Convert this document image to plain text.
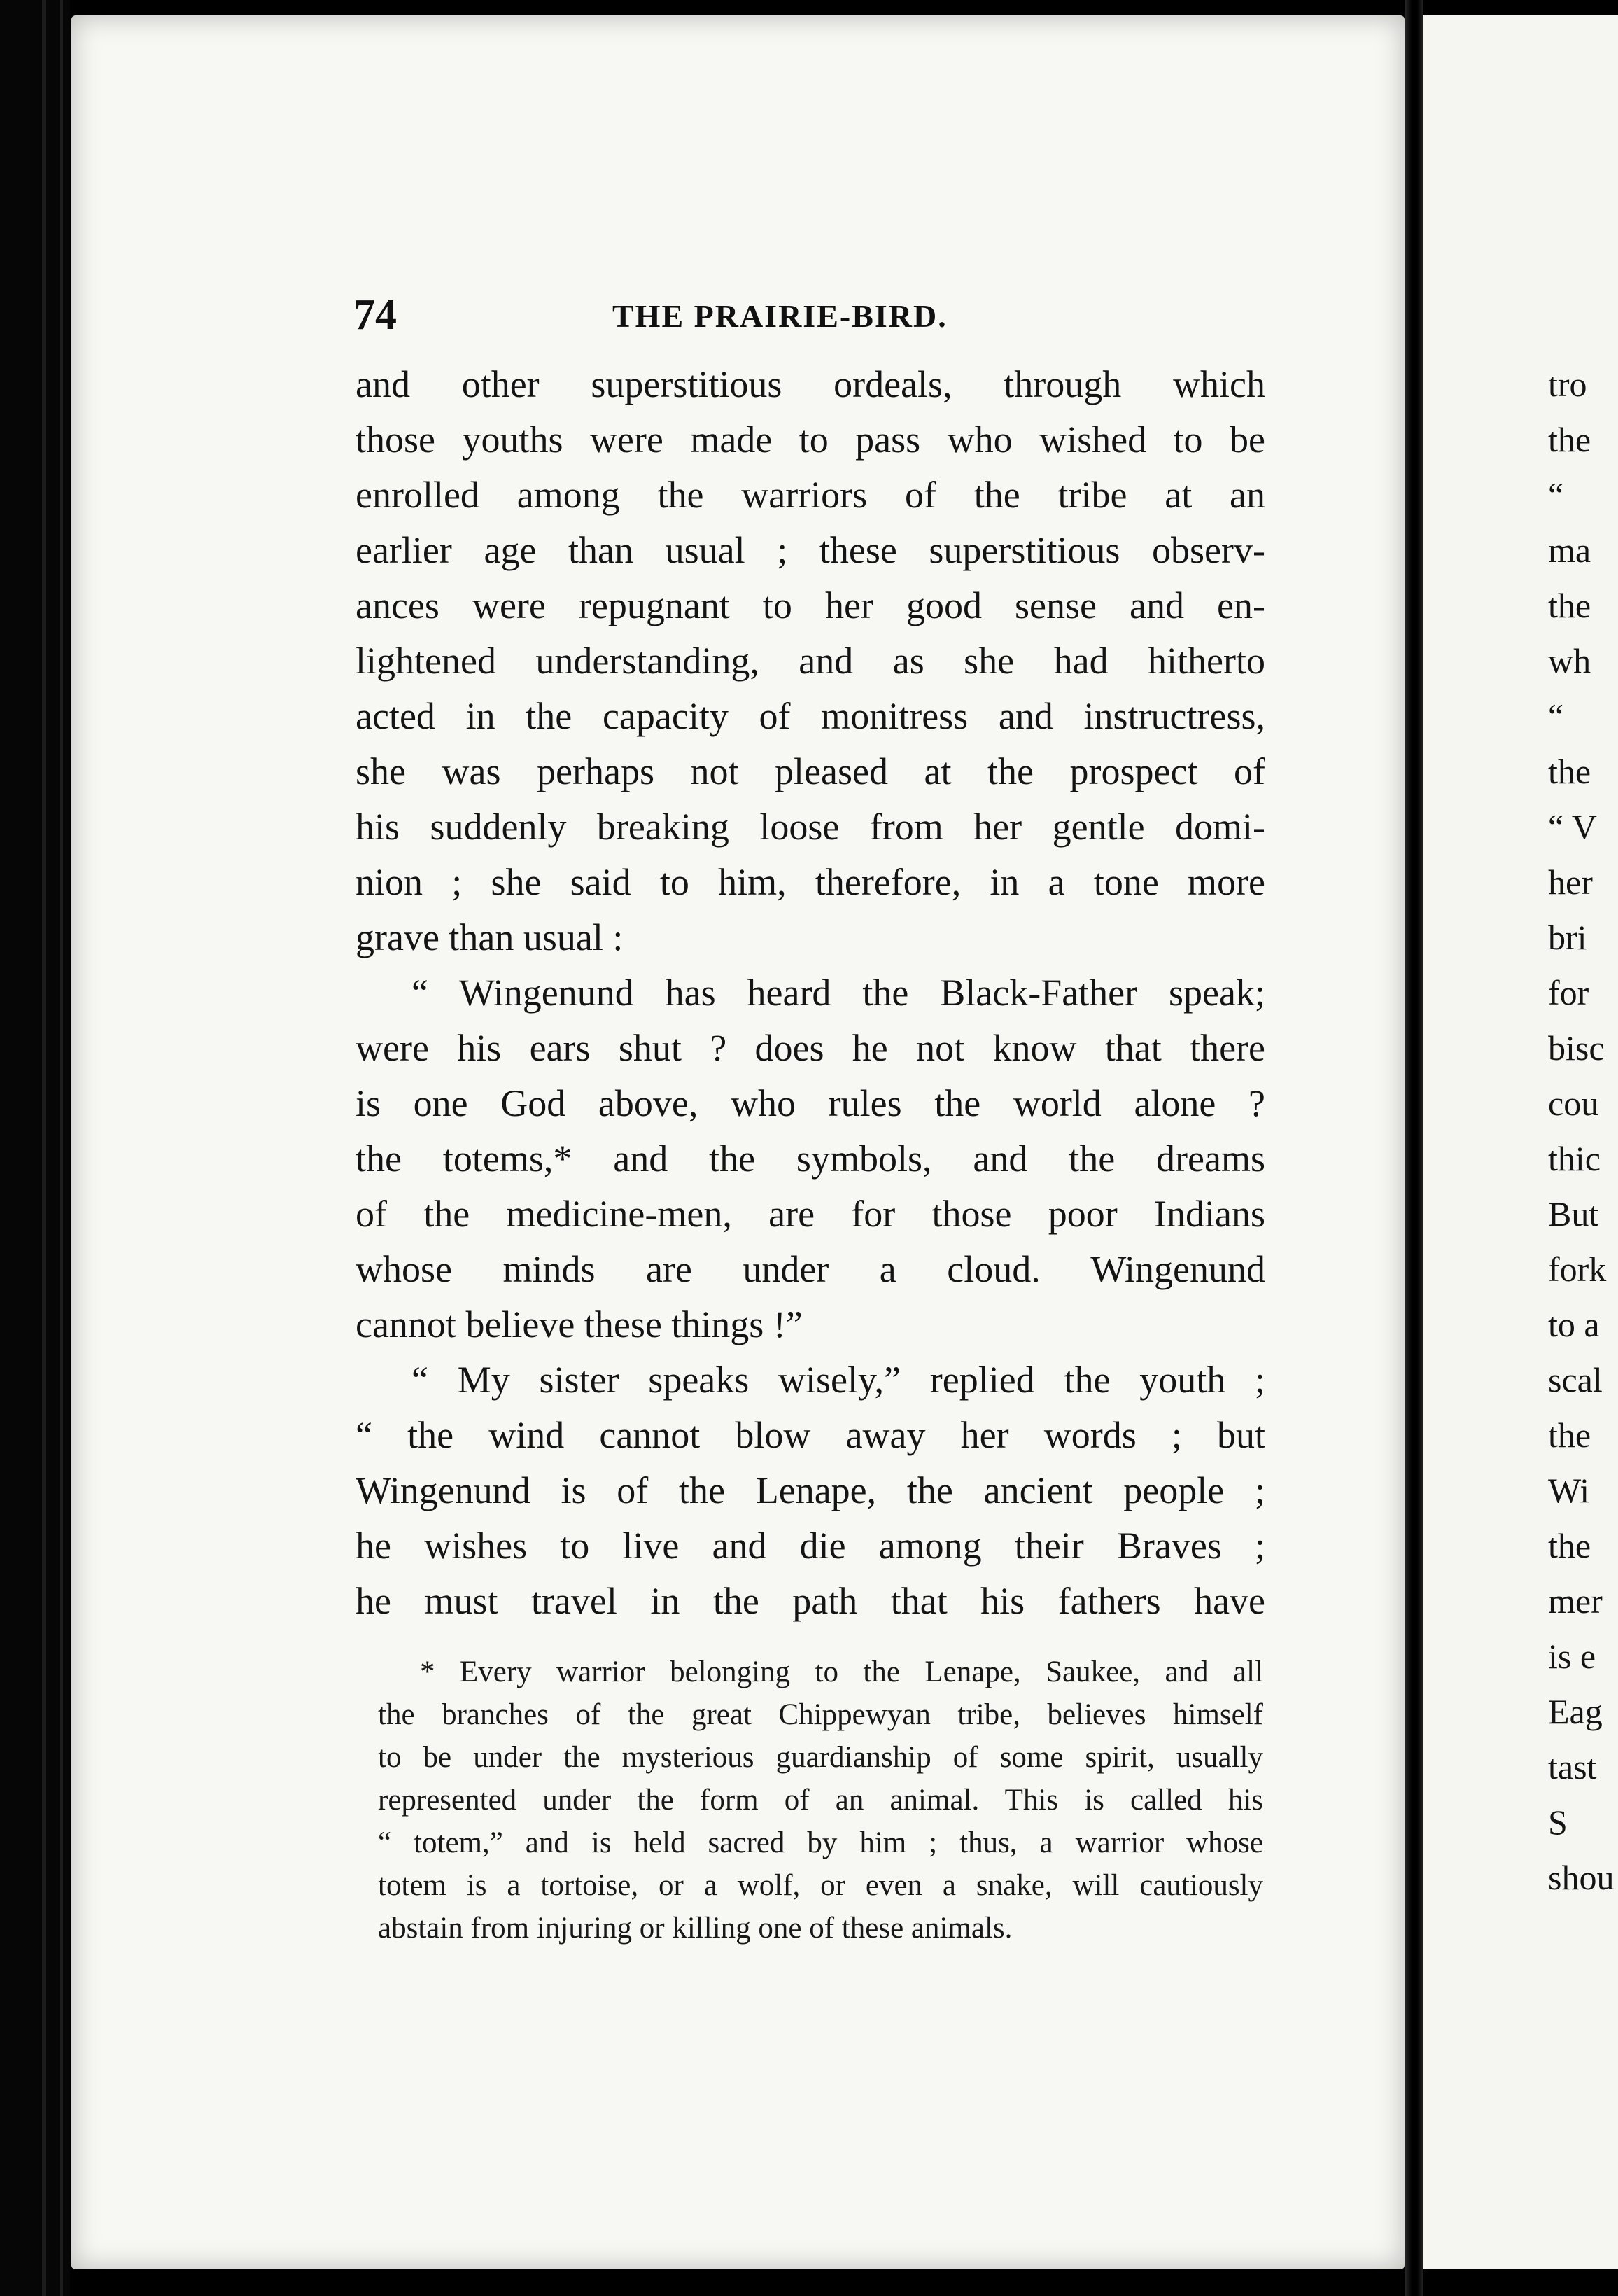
74	THE PRAIRIE-BIRD.
and other superstitious ordeals, through which
those youths were made to pass who wished to be
enrolled among the warriors of the tribe at an
earlier age than usual ; these superstitious observ-
ances were repugnant to her good sense and en-
lightened understanding, and as she had hitherto
acted in the capacity of monitress and instructress,
she was perhaps not pleased at the prospect of
his suddenly breaking loose from her gentle domi-
nion ; she said to him, therefore, in a tone more
grave than usual :
“ Wingenund has heard the Black-Father speak;
were his ears shut ? does he not know that there
is one God above, who rules the world alone ?
the totems,* and the symbols, and the dreams
of the medicine-men, are for those poor Indians
whose minds are under a cloud. Wingenund
cannot believe these things !”
“ My sister speaks wisely,” replied the youth ;
“ the wind cannot blow away her words ; but
Wingenund is of the Lenape, the ancient people ;
he wishes to live and die among their Braves ;
he must travel in the path that his fathers have
* Every warrior belonging to the Lenape, Saukee, and all
the branches of the great Chippewyan tribe, believes himself
to be under the mysterious guardianship of some spirit, usually
represented under the form of an animal. This is called his
“ totem,” and is held sacred by him ; thus, a warrior whose
totem is a tortoise, or a wolf, or even a snake, will cautiously
abstain from injuring or killing one of these animals.
tro
the
“
ma
the
wh
“
the
“ V
her
bri
for
bisc
cou
thic
But
fork
to a
scal
the
Wi
the
mer
is e
Eag
tast
S
shou
